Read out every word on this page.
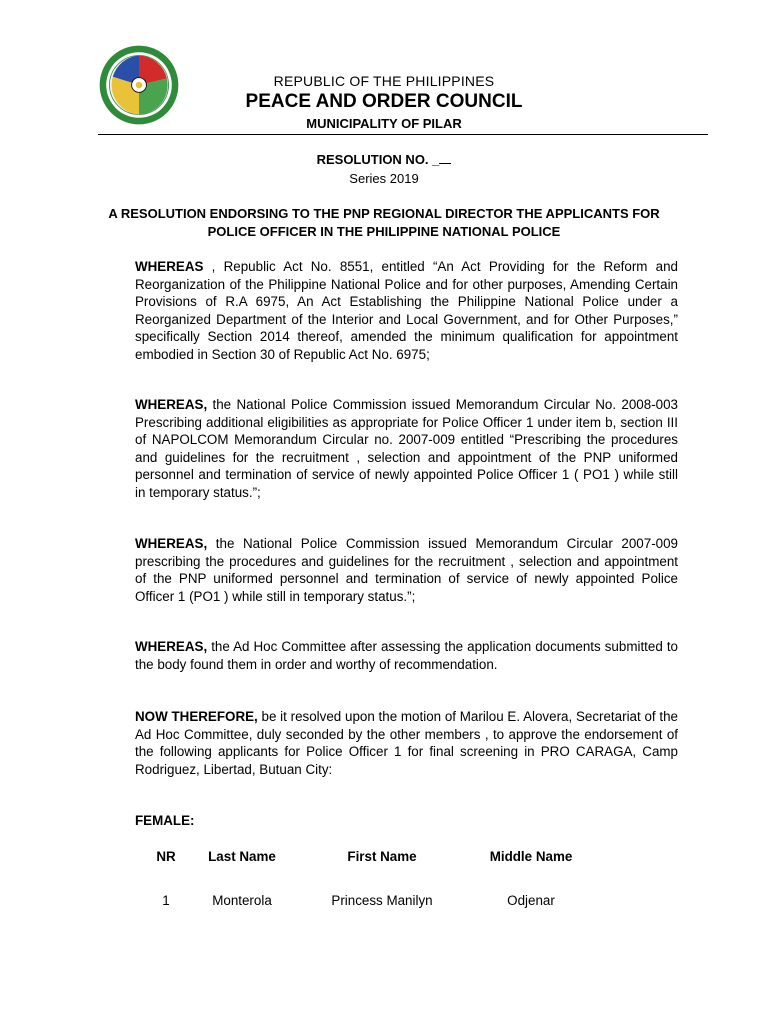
REPUBLIC OF THE PHILIPPINES
PEACE AND ORDER COUNCIL
MUNICIPALITY OF PILAR
RESOLUTION NO. _
Series 2019
A RESOLUTION ENDORSING TO THE PNP REGIONAL DIRECTOR THE APPLICANTS FOR POLICE OFFICER IN THE PHILIPPINE NATIONAL POLICE
WHEREAS , Republic Act No. 8551, entitled “An Act Providing for the Reform and Reorganization of the Philippine National Police and for other purposes, Amending Certain Provisions of R.A 6975, An Act Establishing the Philippine National Police under a Reorganized Department of the Interior and Local Government, and for Other Purposes,” specifically Section 2014 thereof, amended the minimum qualification for appointment embodied in Section 30 of Republic Act No. 6975;
WHEREAS, the National Police Commission issued Memorandum Circular No. 2008-003 Prescribing additional eligibilities as appropriate for Police Officer 1 under item b, section III of NAPOLCOM Memorandum Circular no. 2007-009 entitled “Prescribing the procedures and guidelines for the recruitment , selection and appointment of the PNP uniformed personnel and termination of service of newly appointed Police Officer 1 ( PO1 ) while still in temporary status.”;
WHEREAS, the National Police Commission issued Memorandum Circular 2007-009 prescribing the procedures and guidelines for the recruitment , selection and appointment of the PNP uniformed personnel and termination of service of newly appointed Police Officer 1 (PO1 ) while still in temporary status.”;
WHEREAS, the Ad Hoc Committee after assessing the application documents submitted to the body found them in order and worthy of recommendation.
NOW THEREFORE, be it resolved upon the motion of Marilou E. Alovera, Secretariat of the Ad Hoc Committee, duly seconded by the other members , to approve the endorsement of the following applicants for Police Officer 1 for final screening in PRO CARAGA, Camp Rodriguez, Libertad, Butuan City:
FEMALE:
NR	Last Name	First Name	Middle Name

1	Monterola	Princess Manilyn	Odjenar
